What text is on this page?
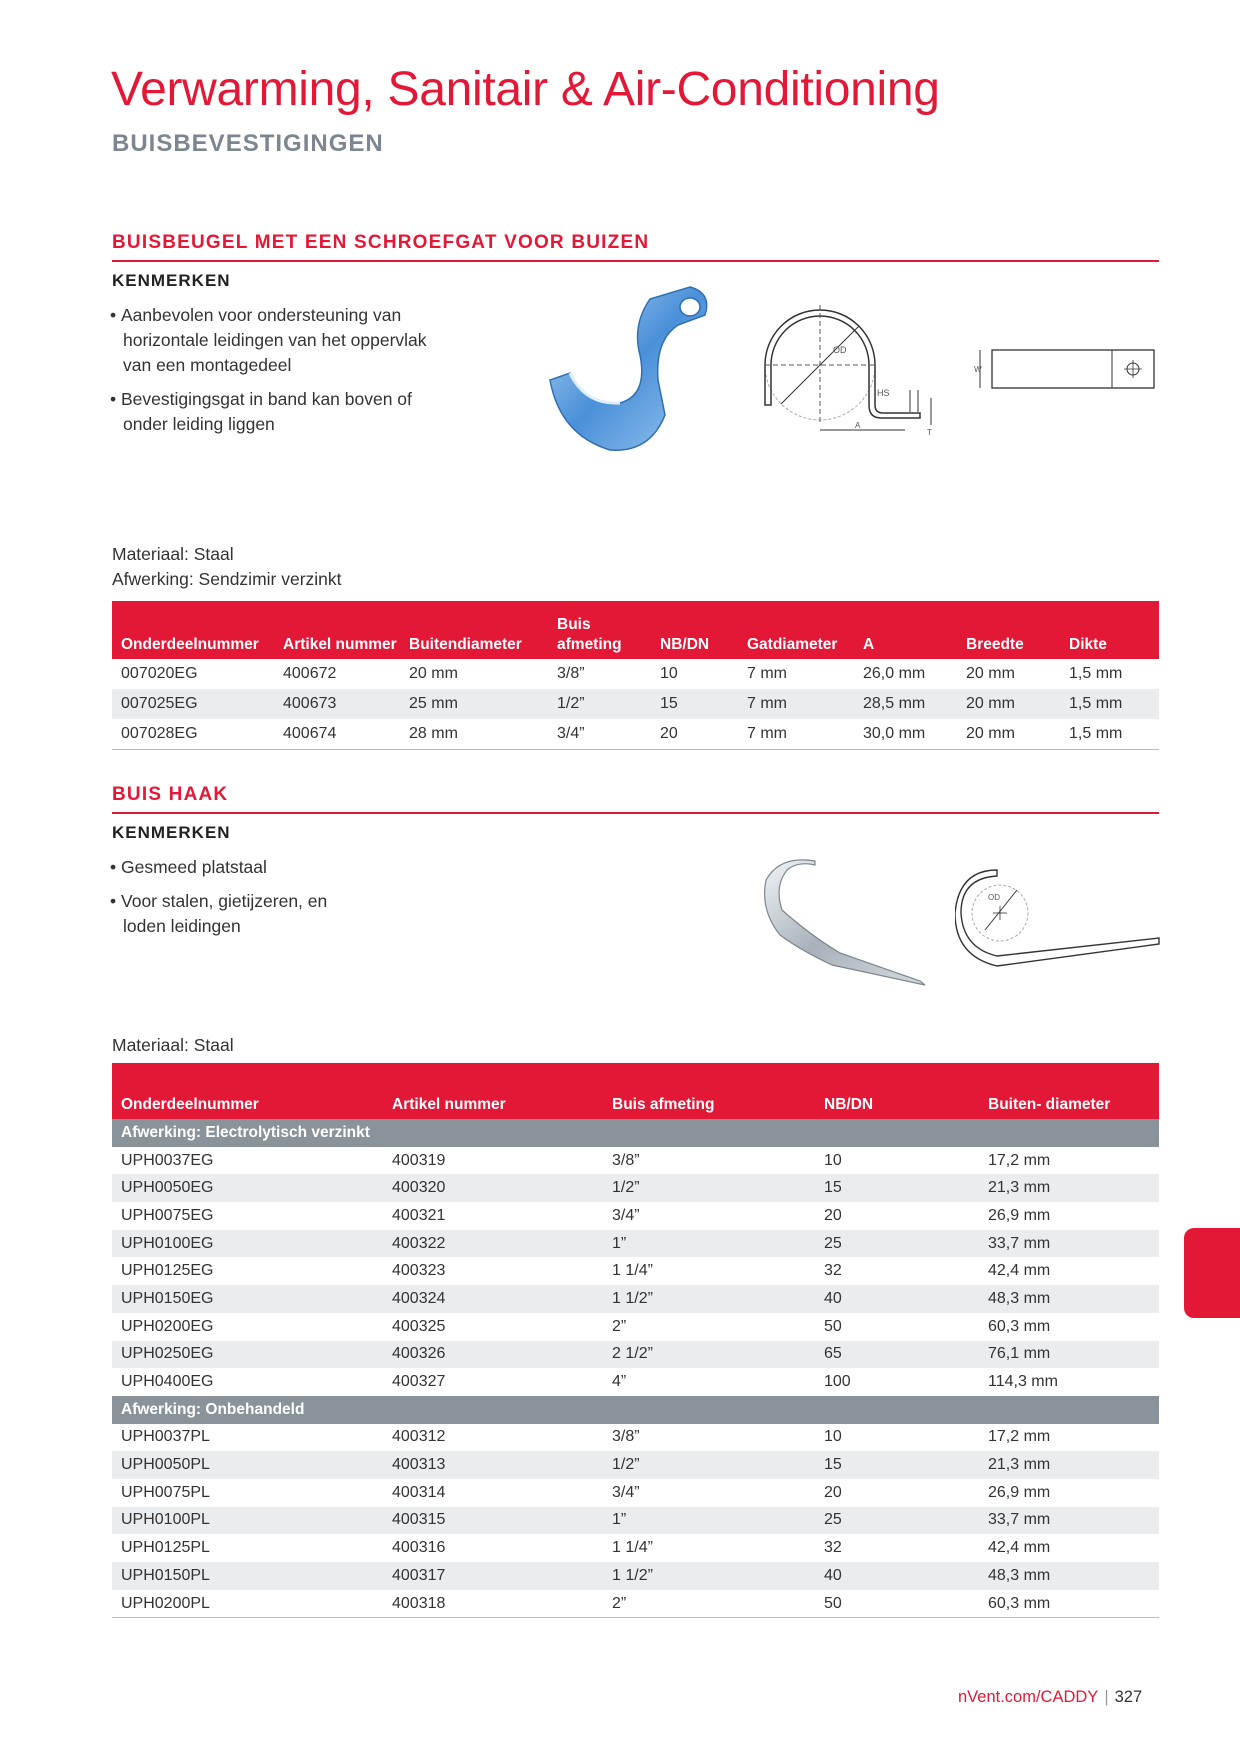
Verwarming, Sanitair & Air-Conditioning
BUISBEVESTIGINGEN
BUISBEUGEL MET EEN SCHROEFGAT VOOR BUIZEN
KENMERKEN
• Aanbevolen voor ondersteuning van horizontale leidingen van het oppervlak van een montagedeel
• Bevestigingsgat in band kan boven of onder leiding liggen
OD
HS
A
T
W
Materiaal: Staal
Afwerking: Sendzimir verzinkt
Onderdeelnummer	Artikel nummer	Buitendiameter	Buis afmeting	NB/DN	Gatdiameter	A	Breedte	Dikte
007020EG	400672	20 mm	3/8”	10	7 mm	26,0 mm	20 mm	1,5 mm
007025EG	400673	25 mm	1/2”	15	7 mm	28,5 mm	20 mm	1,5 mm
007028EG	400674	28 mm	3/4”	20	7 mm	30,0 mm	20 mm	1,5 mm
BUIS HAAK
KENMERKEN
• Gesmeed platstaal
• Voor stalen, gietijzeren, en loden leidingen
OD
Materiaal: Staal
Onderdeelnummer	Artikel nummer	Buis afmeting	NB/DN	Buiten- diameter
Afwerking: Electrolytisch verzinkt				
UPH0037EG	400319	3/8”	10	17,2 mm
UPH0050EG	400320	1/2”	15	21,3 mm
UPH0075EG	400321	3/4”	20	26,9 mm
UPH0100EG	400322	1”	25	33,7 mm
UPH0125EG	400323	1 1/4”	32	42,4 mm
UPH0150EG	400324	1 1/2”	40	48,3 mm
UPH0200EG	400325	2”	50	60,3 mm
UPH0250EG	400326	2 1/2”	65	76,1 mm
UPH0400EG	400327	4”	100	114,3 mm
Afwerking: Onbehandeld				
UPH0037PL	400312	3/8”	10	17,2 mm
UPH0050PL	400313	1/2”	15	21,3 mm
UPH0075PL	400314	3/4”	20	26,9 mm
UPH0100PL	400315	1”	25	33,7 mm
UPH0125PL	400316	1 1/4”	32	42,4 mm
UPH0150PL	400317	1 1/2”	40	48,3 mm
UPH0200PL	400318	2”	50	60,3 mm
nVent.com/CADDY | 327
